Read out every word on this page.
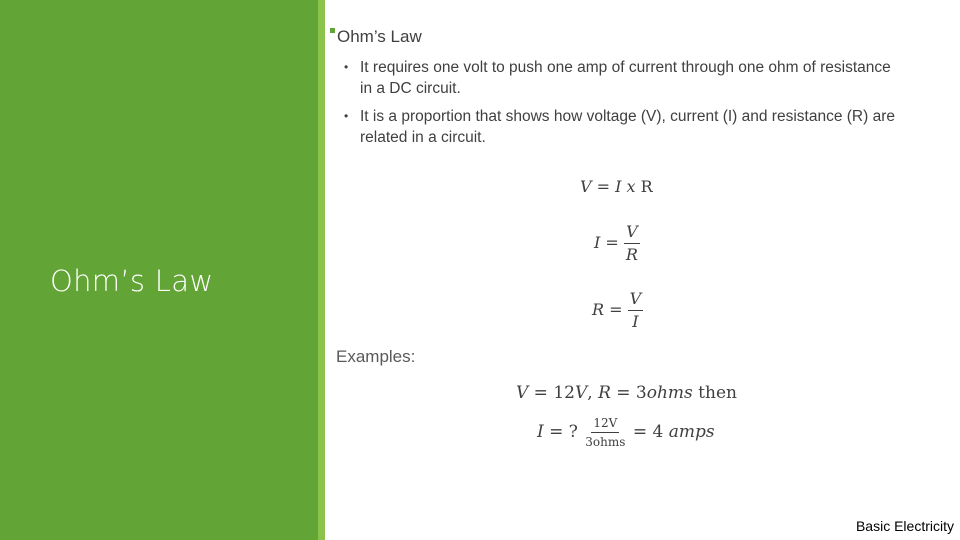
Ohm’s Law
Ohm’s Law
• It requires one volt to push one amp of current through one ohm of resistance in a DC circuit.
• It is a proportion that shows how voltage (V), current (I) and resistance (R) are related in a circuit.
V = I x R
$I = \frac{V}{R}$
$R = \frac{V}{I}$
Examples:
V = 12V, R = 3ohms then
I = ? $\frac{12V}{\text{3ohms}} = 4$ amps
Basic Electricity
